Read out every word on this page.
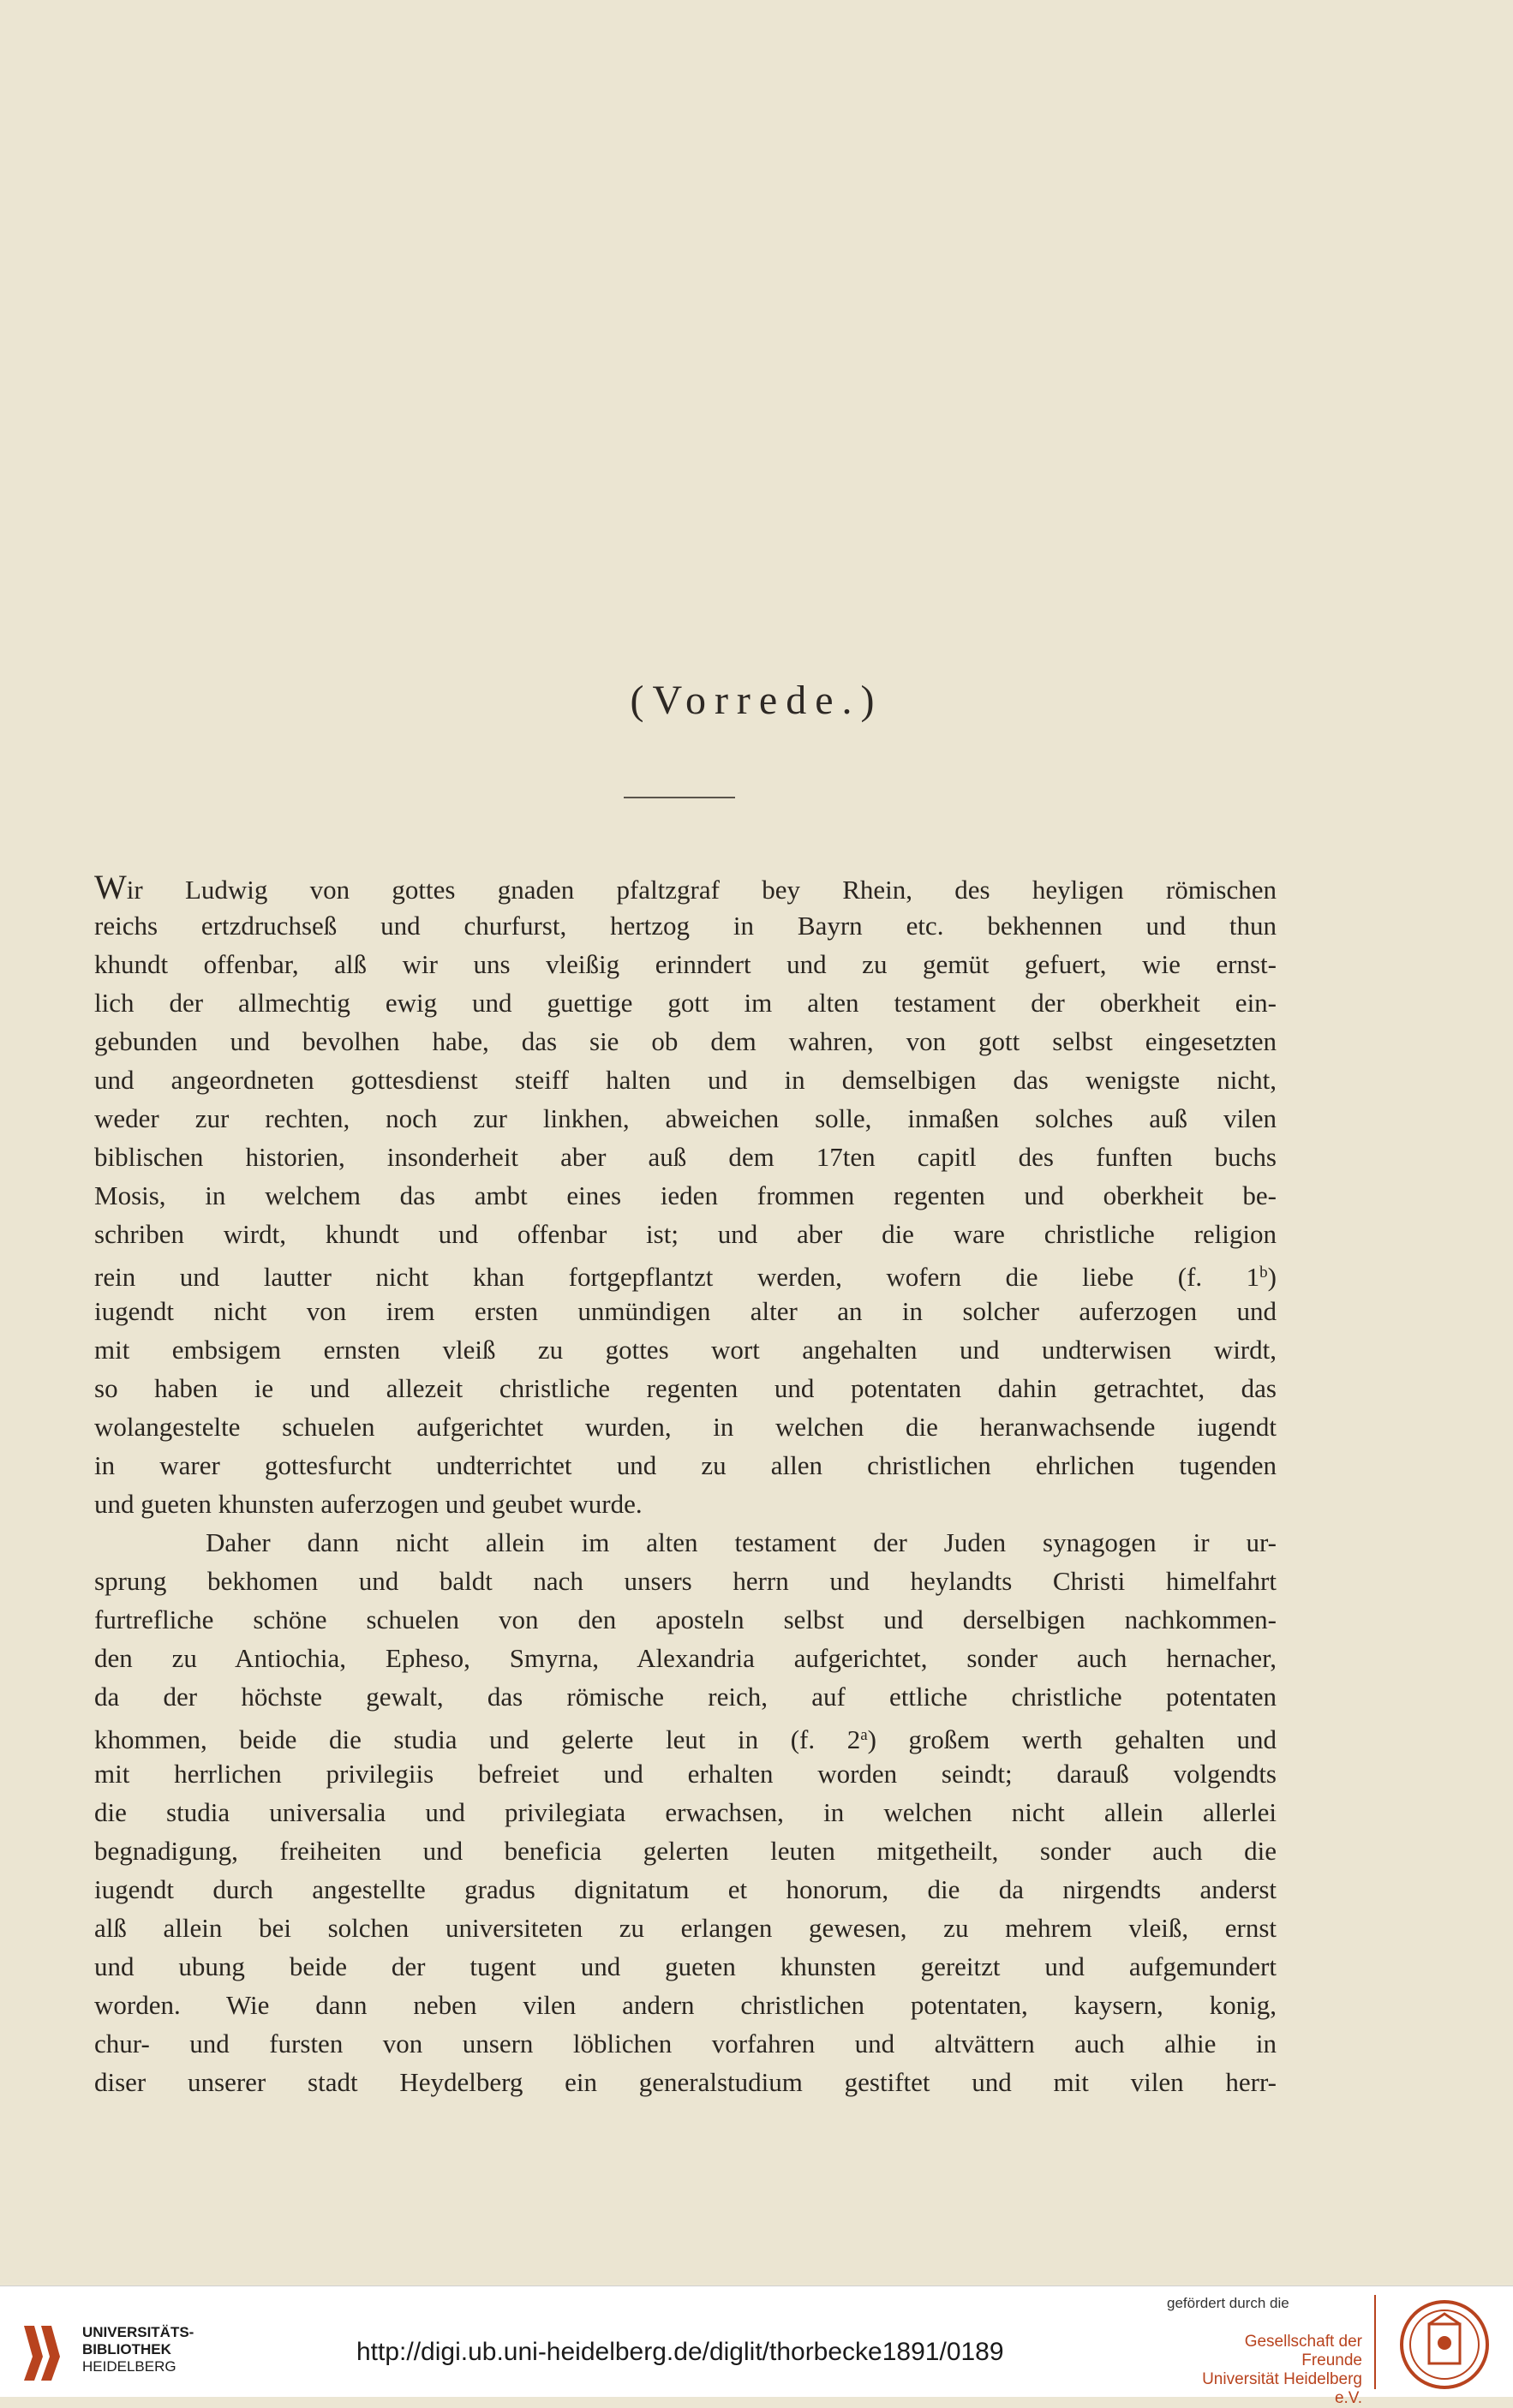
(Vorrede.)
Wir Ludwig von gottes gnaden pfaltzgraf bey Rhein, des heyligen römischen
reichs ertzdruchseß und churfurst, hertzog in Bayrn etc. bekhennen und thun
khundt offenbar, alß wir uns vleißig erinndert und zu gemüt gefuert, wie ernst-
lich der allmechtig ewig und guettige gott im alten testament der oberkheit ein-
gebunden und bevolhen habe, das sie ob dem wahren, von gott selbst eingesetzten
und angeordneten gottesdienst steiff halten und in demselbigen das wenigste nicht,
weder zur rechten, noch zur linkhen, abweichen solle, inmaßen solches auß vilen
biblischen historien, insonderheit aber auß dem 17ten capitl des funften buchs
Mosis, in welchem das ambt eines ieden frommen regenten und oberkheit be-
schriben wirdt, khundt und offenbar ist; und aber die ware christliche religion
rein und lautter nicht khan fortgepflantzt werden, wofern die liebe (f. 1$^b$)
iugendt nicht von irem ersten unmündigen alter an in solcher auferzogen und
mit embsigem ernsten vleiß zu gottes wort angehalten und undterwisen wirdt,
so haben ie und allezeit christliche regenten und potentaten dahin getrachtet, das
wolangestelte schuelen aufgerichtet wurden, in welchen die heranwachsende iugendt
in warer gottesfurcht undterrichtet und zu allen christlichen ehrlichen tugenden
und gueten khunsten auferzogen und geubet wurde.
Daher dann nicht allein im alten testament der Juden synagogen ir ur-
sprung bekhomen und baldt nach unsers herrn und heylandts Christi himelfahrt
furtrefliche schöne schuelen von den aposteln selbst und derselbigen nachkommen-
den zu Antiochia, Epheso, Smyrna, Alexandria aufgerichtet, sonder auch hernacher,
da der höchste gewalt, das römische reich, auf ettliche christliche potentaten
khommen, beide die studia und gelerte leut in (f. 2$^a$) großem werth gehalten und
mit herrlichen privilegiis befreiet und erhalten worden seindt; darauß volgendts
die studia universalia und privilegiata erwachsen, in welchen nicht allein allerlei
begnadigung, freiheiten und beneficia gelerten leuten mitgetheilt, sonder auch die
iugendt durch angestellte gradus dignitatum et honorum, die da nirgendts anderst
alß allein bei solchen universiteten zu erlangen gewesen, zu mehrem vleiß, ernst
und ubung beide der tugent und gueten khunsten gereitzt und aufgemundert
worden. Wie dann neben vilen andern christlichen potentaten, kaysern, konig,
chur- und fursten von unsern löblichen vorfahren und altvättern auch alhie in
diser unserer stadt Heydelberg ein generalstudium gestiftet und mit vilen herr-
UNIVERSITÄTS-
BIBLIOTHEK
HEIDELBERG
http://digi.ub.uni-heidelberg.de/diglit/thorbecke1891/0189
gefördert durch die
Gesellschaft der Freunde
Universität Heidelberg e.V.
